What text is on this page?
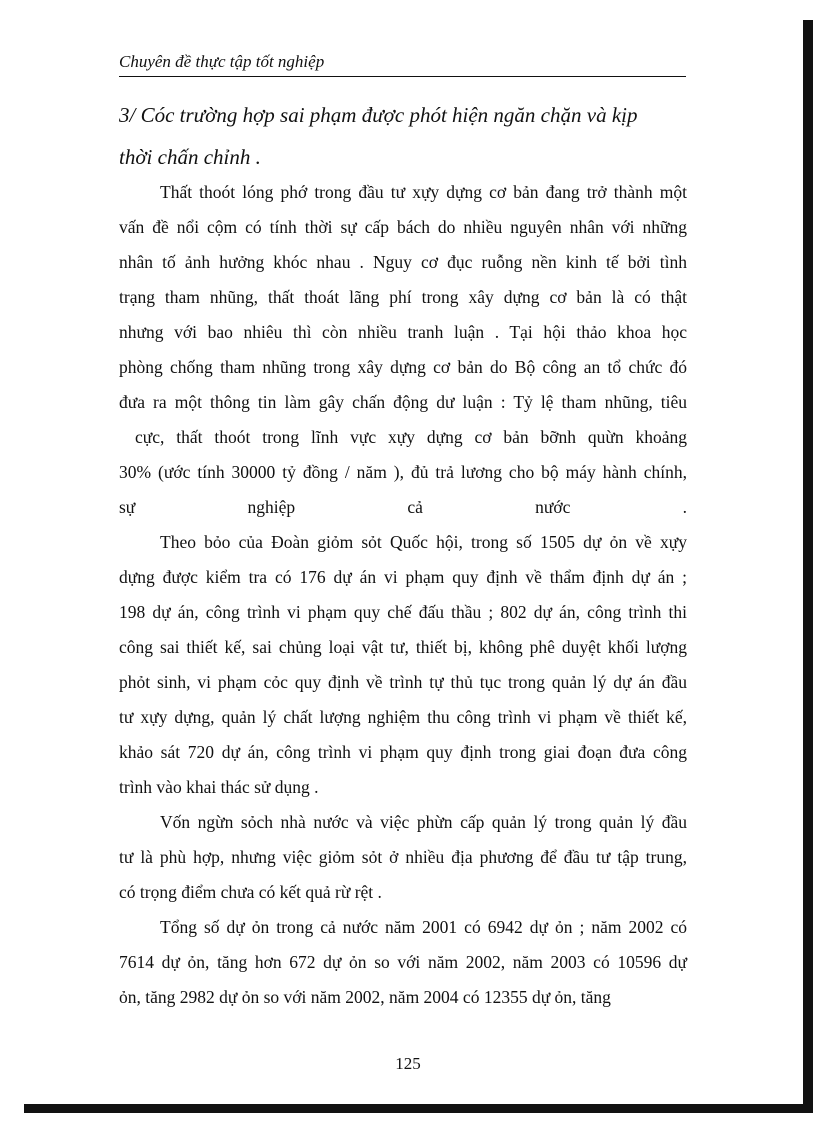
Chuyên đề thực tập tốt nghiệp
3/ Cóc trường hợp sai phạm được phót hiện ngăn chặn và kịp
thời chấn chỉnh .
Thất thoót lóng phớ trong đầu tư xựy dựng cơ bản đang trở thành một
vấn đề nổi cộm có tính thời sự cấp bách do nhiều nguyên nhân với những
nhân tố ảnh hưởng khóc nhau . Nguy cơ đục ruỗng nền kinh tế bởi tình
trạng tham nhũng, thất thoát lãng phí trong xây dựng cơ bản là có thật
nhưng với bao nhiêu thì còn nhiều tranh luận . Tại hội thảo khoa học
phòng chống tham nhũng trong xây dựng cơ bản do Bộ công an tổ chức đó
đưa ra một thông tin làm gây chấn động dư luận : Tỷ lệ tham nhũng, tiêu
cực, thất thoót trong lĩnh vực xựy dựng cơ bản bỡnh quừn khoảng
30% (ước tính 30000 tỷ đồng / năm ), đủ trả lương cho bộ máy hành chính,
sự nghiệp cả nước .
Theo bỏo của Đoàn giỏm sỏt Quốc hội, trong số 1505 dự ỏn về xựy
dựng được kiểm tra có 176 dự án vi phạm quy định về thẩm định dự án ;
198 dự án, công trình vi phạm quy chế đấu thầu ; 802 dự án, công trình thi
công sai thiết kế, sai chủng loại vật tư, thiết bị, không phê duyệt khối lượng
phỏt sinh, vi phạm cỏc quy định về trình tự thủ tục trong quản lý dự án đầu
tư xựy dựng, quản lý chất lượng nghiệm thu công trình vi phạm về thiết kế,
khảo sát 720 dự án, công trình vi phạm quy định trong giai đoạn đưa công
trình vào khai thác sử dụng .
Vốn ngừn sỏch nhà nước và việc phừn cấp quản lý trong quản lý đầu
tư là phù hợp, nhưng việc giỏm sỏt ở nhiều địa phương để đầu tư tập trung,
có trọng điểm chưa có kết quả rừ rệt .
Tổng số dự ỏn trong cả nước năm 2001 có 6942 dự ỏn ; năm 2002 có
7614 dự ỏn, tăng hơn 672 dự ỏn so với năm 2002, năm 2003 có 10596 dự
ỏn, tăng 2982 dự ỏn so với năm 2002, năm 2004 có 12355 dự ỏn, tăng
125
